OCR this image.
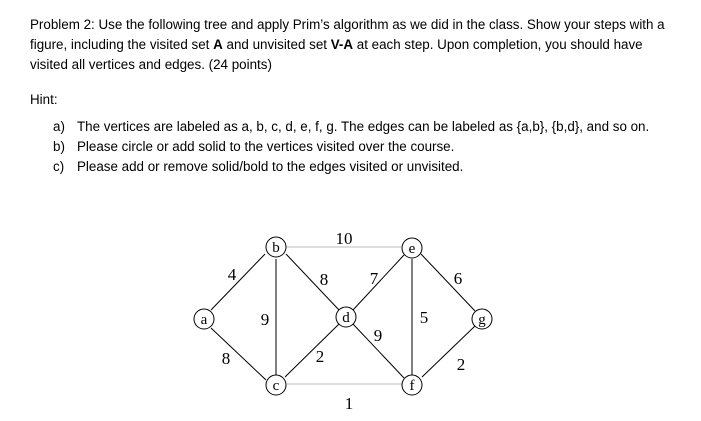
Problem 2: Use the following tree and apply Prim’s algorithm as we did in the class. Show your steps with a figure, including the visited set A and unvisited set V-A at each step. Upon completion, you should have visited all vertices and edges. (24 points)

Hint:
a) The vertices are labeled as a, b, c, d, e, f, g. The edges can be labeled as {a,b}, {b,d}, and so on.
b) Please circle or add solid to the vertices visited over the course.
c) Please add or remove solid/bold to the edges visited or unvisited.
a
b
c
d
e
f
g
4
8
9
10
8
2
1
7
9
5
6
2
